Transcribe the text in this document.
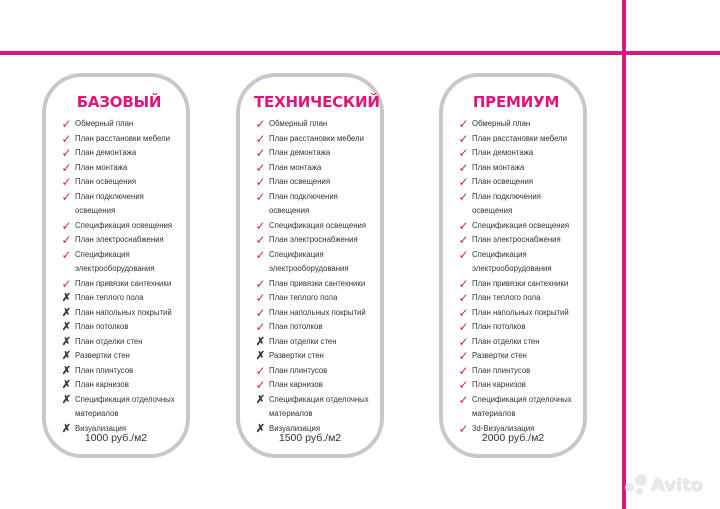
БАЗОВЫЙ
✓ Обмерный план
✓ План расстановки мебели
✓ План демонтажа
✓ План монтажа
✓ План освещения
✓ План подключения освещения
✓ Спецификация освещения
✓ План электроснабжения
✓ Спецификация электрооборудования
✓ План привязки сантехники
✗ План теплого пола
✗ План напольных покрытий
✗ План потолков
✗ План отделки стен
✗ Развертки стен
✗ План плинтусов
✗ План карнизов
✗ Спецификация отделочных материалов
✗ Визуализация
1000 руб./м2
ТЕХНИЧЕСКИЙ
✓ Обмерный план
✓ План расстановки мебели
✓ План демонтажа
✓ План монтажа
✓ План освещения
✓ План подключения освещения
✓ Спецификация освещения
✓ План электроснабжения
✓ Спецификация электрооборудования
✓ План привязки сантехники
✓ План теплого пола
✓ План напольных покрытий
✓ План потолков
✗ План отделки стен
✗ Развертки стен
✓ План плинтусов
✓ План карнизов
✗ Спецификация отделочных материалов
✗ Визуализация
1500 руб./м2
ПРЕМИУМ
✓ Обмерный план
✓ План расстановки мебели
✓ План демонтажа
✓ План монтажа
✓ План освещения
✓ План подключения освещения
✓ Спецификация освещения
✓ План электроснабжения
✓ Спецификация электрооборудования
✓ План привязки сантехники
✓ План теплого пола
✓ План напольных покрытий
✓ План потолков
✓ План отделки стен
✓ Развертки стен
✓ План плинтусов
✓ План карнизов
✓ Спецификация отделочных материалов
✓ 3d-Визуализация
2000 руб./м2
Avito
